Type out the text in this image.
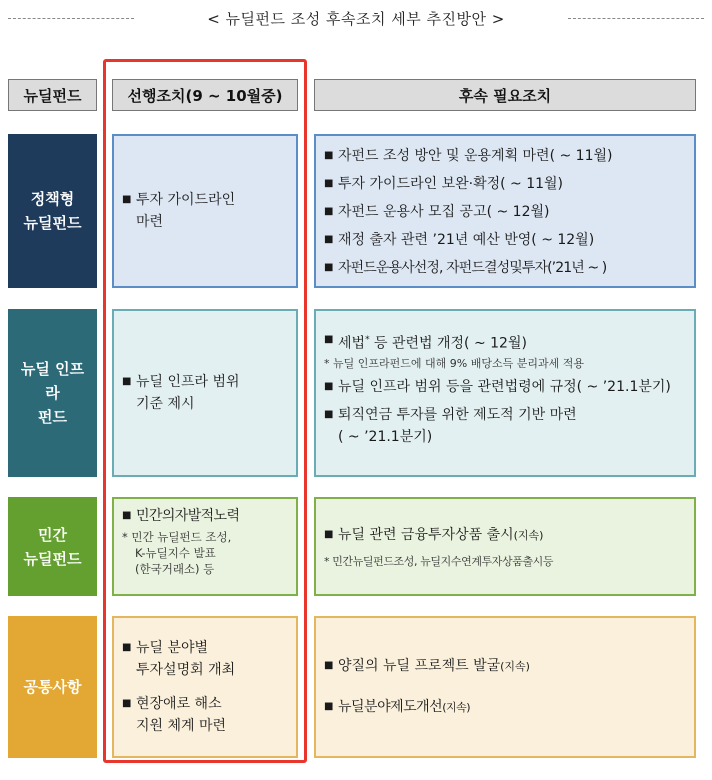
< 뉴딜펀드 조성 후속조치 세부 추진방안 >
뉴딜펀드	선행조치(9 ~ 10월중)	후속 필요조치
정책형
뉴딜펀드
■ 투자 가이드라인
마련
■ 자펀드 조성 방안 및 운용계획 마련( ~ 11월)
■ 투자 가이드라인 보완·확정( ~ 11월)
■ 자펀드 운용사 모집 공고( ~ 12월)
■ 재정 출자 관련 ’21년 예산 반영( ~ 12월)
■ 자펀드운용사선정, 자펀드결성및투자(’21년 ~ )
뉴딜 인프
라
펀드
■ 뉴딜 인프라 범위
기준 제시
■ 세법* 등 관련법 개정( ~ 12월)
* 뉴딜 인프라펀드에 대해 9% 배당소득 분리과세 적용
■ 뉴딜 인프라 범위 등을 관련법령에 규정( ~ ’21.1분기)
■ 퇴직연금 투자를 위한 제도적 기반 마련
( ~ ’21.1분기)
민간
뉴딜펀드
■ 민간의자발적노력
* 민간 뉴딜펀드 조성,
K-뉴딜지수 발표
(한국거래소) 등
■ 뉴딜 관련 금융투자상품 출시(지속)
* 민간뉴딜펀드조성, 뉴딜지수연계투자상품출시등
공통사항
■ 뉴딜 분야별
투자설명회 개최
■ 현장애로 해소
지원 체계 마련
■ 양질의 뉴딜 프로젝트 발굴(지속)
■ 뉴딜분야제도개선(지속)
